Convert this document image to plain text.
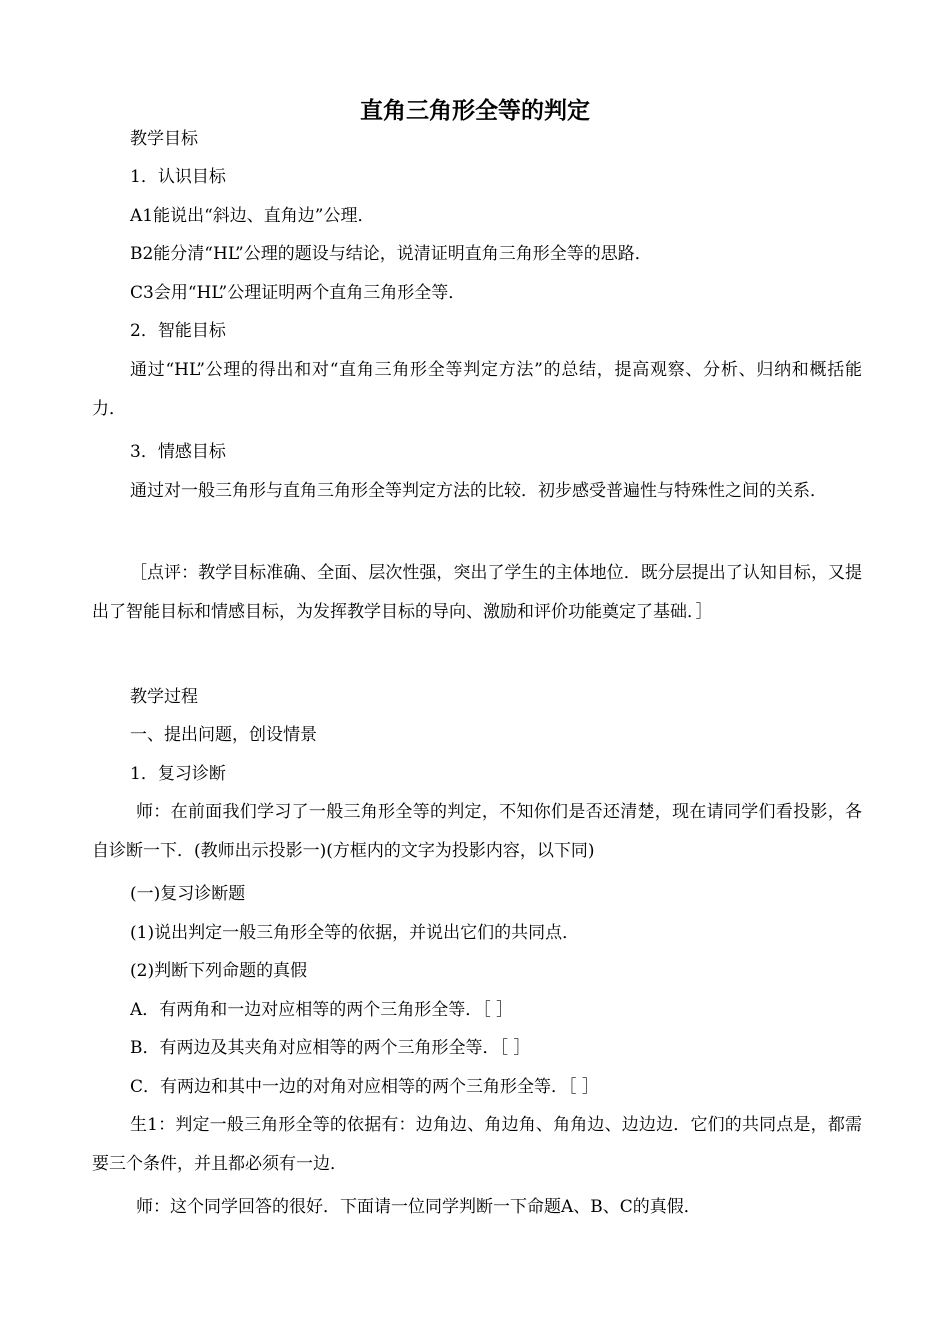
直角三角形全等的判定
教学目标
1．认识目标
A1能说出“斜边、直角边”公理．
B2能分清“HL”公理的题设与结论，说清证明直角三角形全等的思路．
C3会用“HL”公理证明两个直角三角形全等．
2．智能目标
通过“HL”公理的得出和对“直角三角形全等判定方法”的总结，提高观察、分析、归纳和概括能力．
3．情感目标
通过对一般三角形与直角三角形全等判定方法的比较．初步感受普遍性与特殊性之间的关系．
［点评：教学目标准确、全面、层次性强，突出了学生的主体地位．既分层提出了认知目标，又提出了智能目标和情感目标，为发挥教学目标的导向、激励和评价功能奠定了基础．］
教学过程
一、提出问题，创设情景
1．复习诊断
师：在前面我们学习了一般三角形全等的判定，不知你们是否还清楚，现在请同学们看投影，各自诊断一下．(教师出示投影一)(方框内的文字为投影内容，以下同)
(一)复习诊断题
(1)说出判定一般三角形全等的依据，并说出它们的共同点．
(2)判断下列命题的真假
A．有两角和一边对应相等的两个三角形全等．［ ］
B．有两边及其夹角对应相等的两个三角形全等．［ ］
C．有两边和其中一边的对角对应相等的两个三角形全等．［ ］
生1：判定一般三角形全等的依据有：边角边、角边角、角角边、边边边．它们的共同点是，都需要三个条件，并且都必须有一边．
师：这个同学回答的很好．下面请一位同学判断一下命题A、B、C的真假．
